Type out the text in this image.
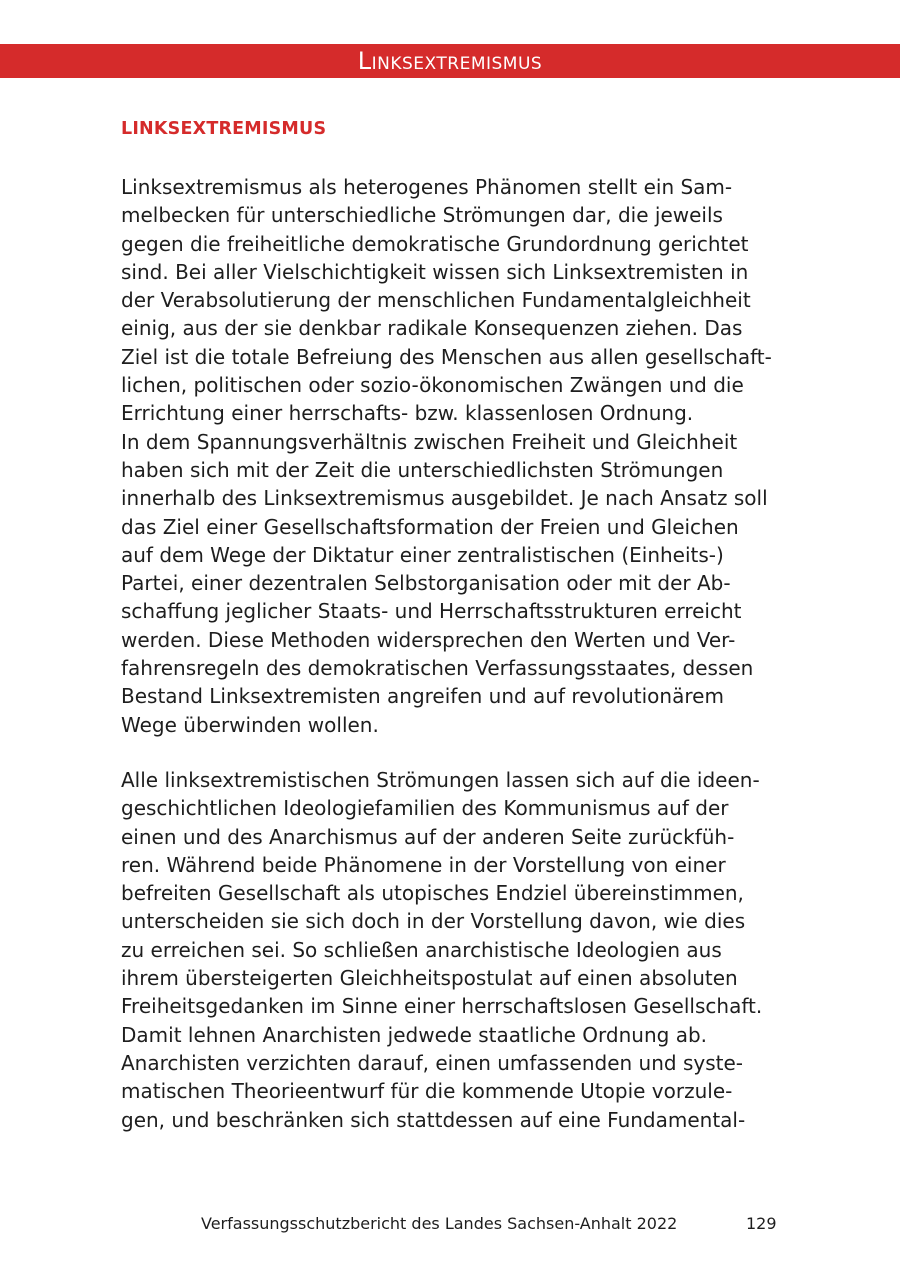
Linksextremismus
LINKSEXTREMISMUS

Linksextremismus als heterogenes Phänomen stellt ein Sam-
melbecken für unterschiedliche Strömungen dar, die jeweils
gegen die freiheitliche demokratische Grundordnung gerichtet
sind. Bei aller Vielschichtigkeit wissen sich Linksextremisten in
der Verabsolutierung der menschlichen Fundamentalgleichheit
einig, aus der sie denkbar radikale Konsequenzen ziehen. Das
Ziel ist die totale Befreiung des Menschen aus allen gesellschaft-
lichen, politischen oder sozio-ökonomischen Zwängen und die
Errichtung einer herrschafts- bzw. klassenlosen Ordnung.
In dem Spannungsverhältnis zwischen Freiheit und Gleichheit
haben sich mit der Zeit die unterschiedlichsten Strömungen
innerhalb des Linksextremismus ausgebildet. Je nach Ansatz soll
das Ziel einer Gesellschaftsformation der Freien und Gleichen
auf dem Wege der Diktatur einer zentralistischen (Einheits-)
Partei, einer dezentralen Selbstorganisation oder mit der Ab-
schaffung jeglicher Staats- und Herrschaftsstrukturen erreicht
werden. Diese Methoden widersprechen den Werten und Ver-
fahrensregeln des demokratischen Verfassungsstaates, dessen
Bestand Linksextremisten angreifen und auf revolutionärem
Wege überwinden wollen.

Alle linksextremistischen Strömungen lassen sich auf die ideen-
geschichtlichen Ideologiefamilien des Kommunismus auf der
einen und des Anarchismus auf der anderen Seite zurückfüh-
ren. Während beide Phänomene in der Vorstellung von einer
befreiten Gesellschaft als utopisches Endziel übereinstimmen,
unterscheiden sie sich doch in der Vorstellung davon, wie dies
zu erreichen sei. So schließen anarchistische Ideologien aus
ihrem übersteigerten Gleichheitspostulat auf einen absoluten
Freiheitsgedanken im Sinne einer herrschaftslosen Gesellschaft.
Damit lehnen Anarchisten jedwede staatliche Ordnung ab.
Anarchisten verzichten darauf, einen umfassenden und syste-
matischen Theorieentwurf für die kommende Utopie vorzule-
gen, und beschränken sich stattdessen auf eine Fundamental-

Verfassungsschutzbericht des Landes Sachsen-Anhalt 2022	129
